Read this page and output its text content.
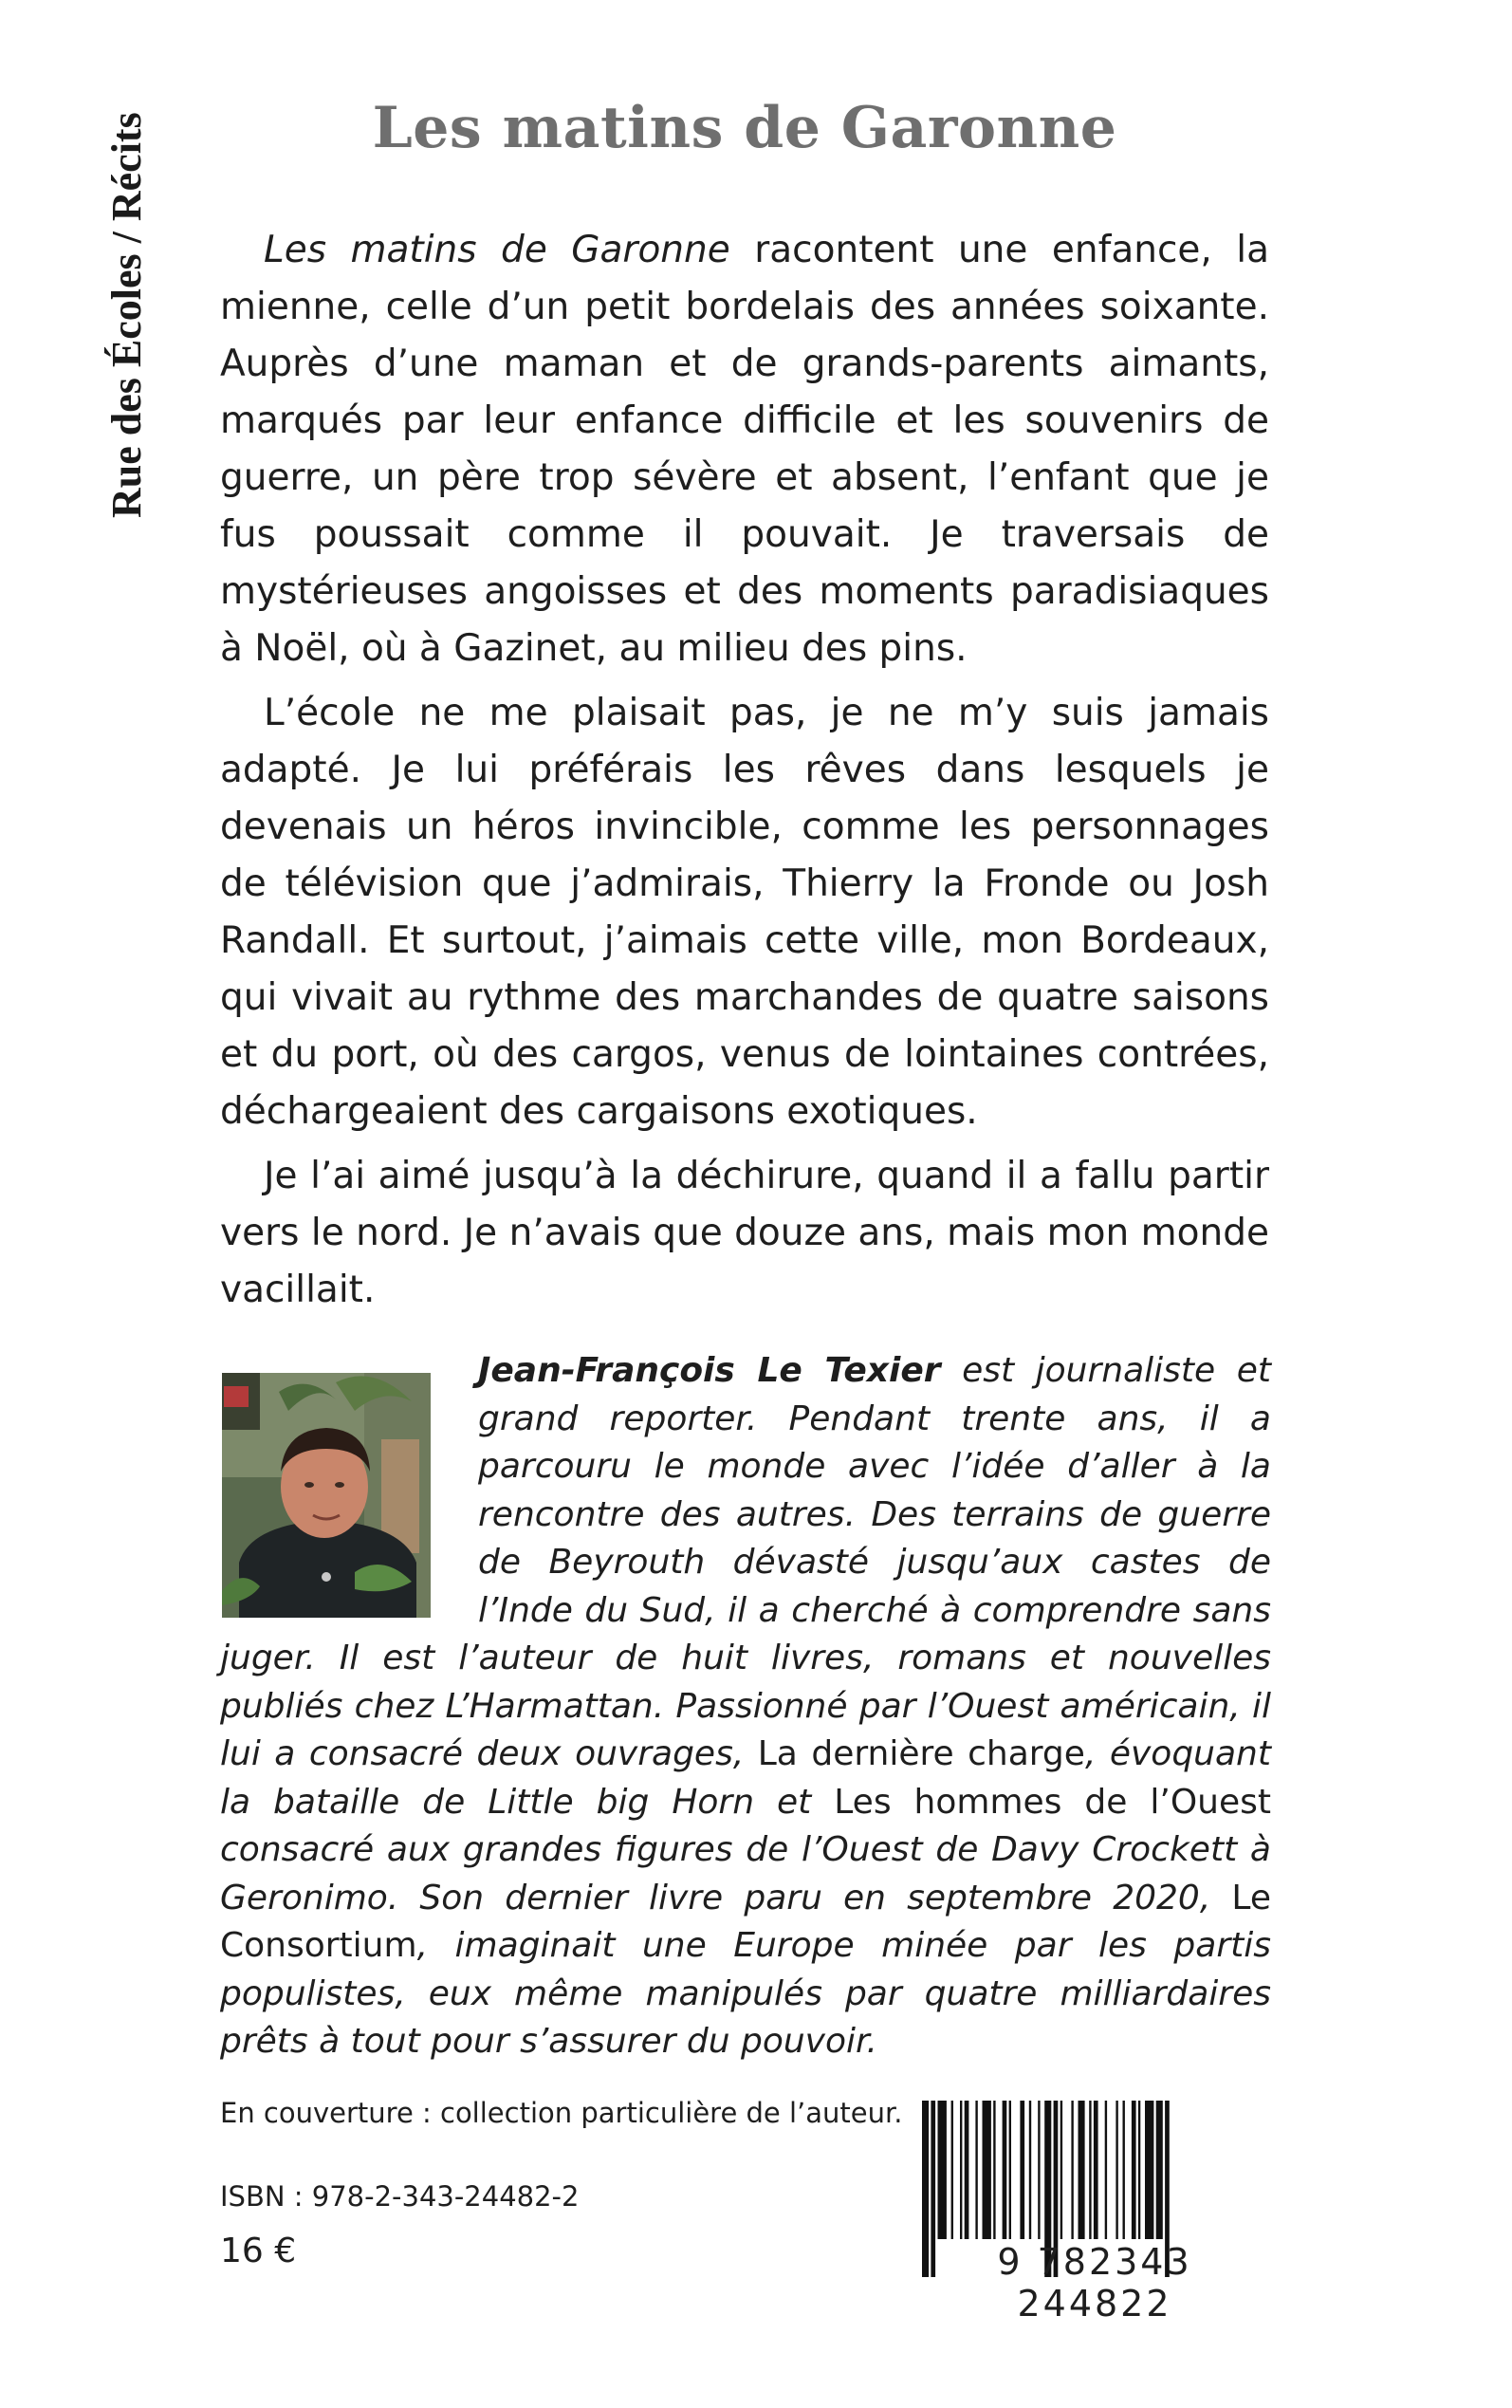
Rue des Écoles / Récits	Les matins de Garonne

Les matins de Garonne racontent une enfance, la mienne, celle d’un petit bordelais des années soixante. Auprès d’une maman et de grands-parents aimants, marqués par leur enfance difficile et les souvenirs de guerre, un père trop sévère et absent, l’enfant que je fus poussait comme il pouvait. Je traversais de mystérieuses angoisses et des moments paradisiaques à Noël, où à Gazinet, au milieu des pins.

L’école ne me plaisait pas, je ne m’y suis jamais adapté. Je lui préférais les rêves dans lesquels je devenais un héros invincible, comme les personnages de télévision que j’admirais, Thierry la Fronde ou Josh Randall. Et surtout, j’aimais cette ville, mon Bordeaux, qui vivait au rythme des marchandes de quatre saisons et du port, où des cargos, venus de lointaines contrées, déchargeaient des cargaisons exotiques.

Je l’ai aimé jusqu’à la déchirure, quand il a fallu partir vers le nord. Je n’avais que douze ans, mais mon monde vacillait.

Jean-François Le Texier est journaliste et grand reporter. Pendant trente ans, il a parcouru le monde avec l’idée d’aller à la rencontre des autres. Des terrains de guerre de Beyrouth dévasté jusqu’aux castes de l’Inde du Sud, il a cherché à comprendre sans juger. Il est l’auteur de huit livres, romans et nouvelles publiés chez L’Harmattan. Passionné par l’Ouest américain, il lui a consacré deux ouvrages, La dernière charge, évoquant la bataille de Little big Horn et Les hommes de l’Ouest consacré aux grandes figures de l’Ouest de Davy Crockett à Geronimo. Son dernier livre paru en septembre 2020, Le Consortium, imaginait une Europe minée par les partis populistes, eux même manipulés par quatre milliardaires prêts à tout pour s’assurer du pouvoir.
En couverture : collection particulière de l’auteur.
ISBN : 978-2-343-24482-2
16 €	9 782343 244822
